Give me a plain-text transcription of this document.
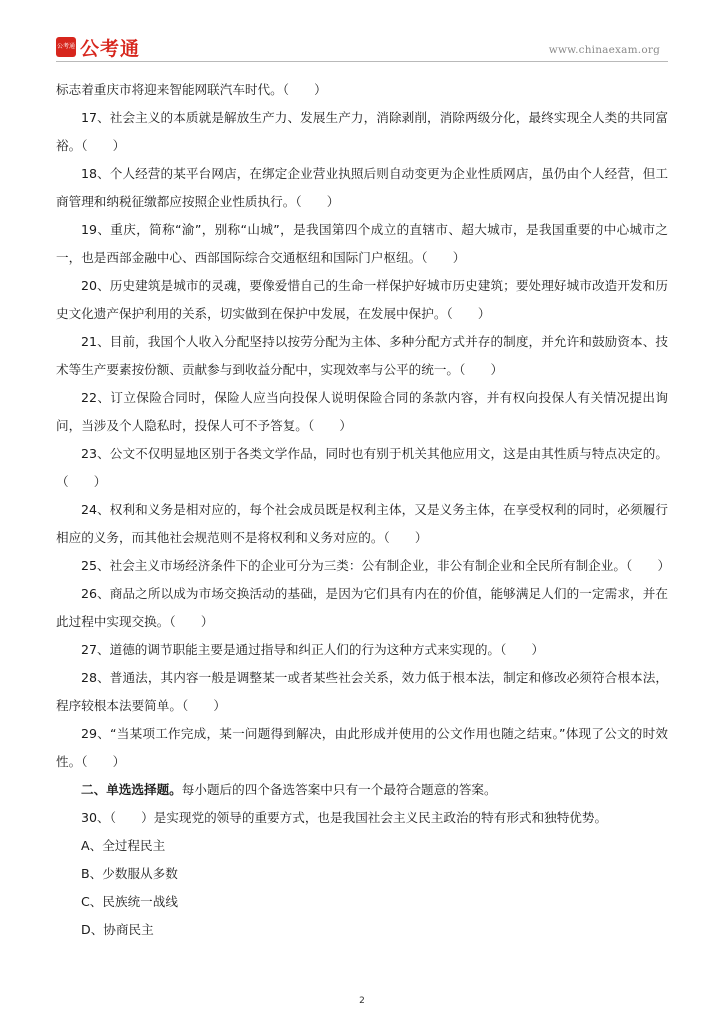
公考通 公考通	www.chinaexam.org

标志着重庆市将迎来智能网联汽车时代。（　　）

17、社会主义的本质就是解放生产力、发展生产力，消除剥削，消除两级分化，最终实现全人类的共同富裕。（　　）

18、个人经营的某平台网店，在绑定企业营业执照后则自动变更为企业性质网店，虽仍由个人经营，但工商管理和纳税征缴都应按照企业性质执行。（　　）

19、重庆，简称“渝”，别称“山城”，是我国第四个成立的直辖市、超大城市，是我国重要的中心城市之一，也是西部金融中心、西部国际综合交通枢纽和国际门户枢纽。（　　）

20、历史建筑是城市的灵魂，要像爱惜自己的生命一样保护好城市历史建筑；要处理好城市改造开发和历史文化遗产保护利用的关系，切实做到在保护中发展，在发展中保护。（　　）

21、目前，我国个人收入分配坚持以按劳分配为主体、多种分配方式并存的制度，并允许和鼓励资本、技术等生产要素按份额、贡献参与到收益分配中，实现效率与公平的统一。（　　）

22、订立保险合同时，保险人应当向投保人说明保险合同的条款内容，并有权向投保人有关情况提出询问，当涉及个人隐私时，投保人可不予答复。（　　）

23、公文不仅明显地区别于各类文学作品，同时也有别于机关其他应用文，这是由其性质与特点决定的。（　　）

24、权利和义务是相对应的，每个社会成员既是权利主体，又是义务主体，在享受权利的同时，必须履行相应的义务，而其他社会规范则不是将权利和义务对应的。（　　）

25、社会主义市场经济条件下的企业可分为三类：公有制企业，非公有制企业和全民所有制企业。（　　）

26、商品之所以成为市场交换活动的基础，是因为它们具有内在的价值，能够满足人们的一定需求，并在此过程中实现交换。（　　）

27、道德的调节职能主要是通过指导和纠正人们的行为这种方式来实现的。（　　）

28、普通法，其内容一般是调整某一或者某些社会关系，效力低于根本法，制定和修改必须符合根本法，程序较根本法要简单。（　　）

29、“当某项工作完成，某一问题得到解决，由此形成并使用的公文作用也随之结束。”体现了公文的时效性。（　　）

二、单选选择题。每小题后的四个备选答案中只有一个最符合题意的答案。

30、（　　）是实现党的领导的重要方式，也是我国社会主义民主政治的特有形式和独特优势。

A、全过程民主

B、少数服从多数

C、民族统一战线

D、协商民主

2
